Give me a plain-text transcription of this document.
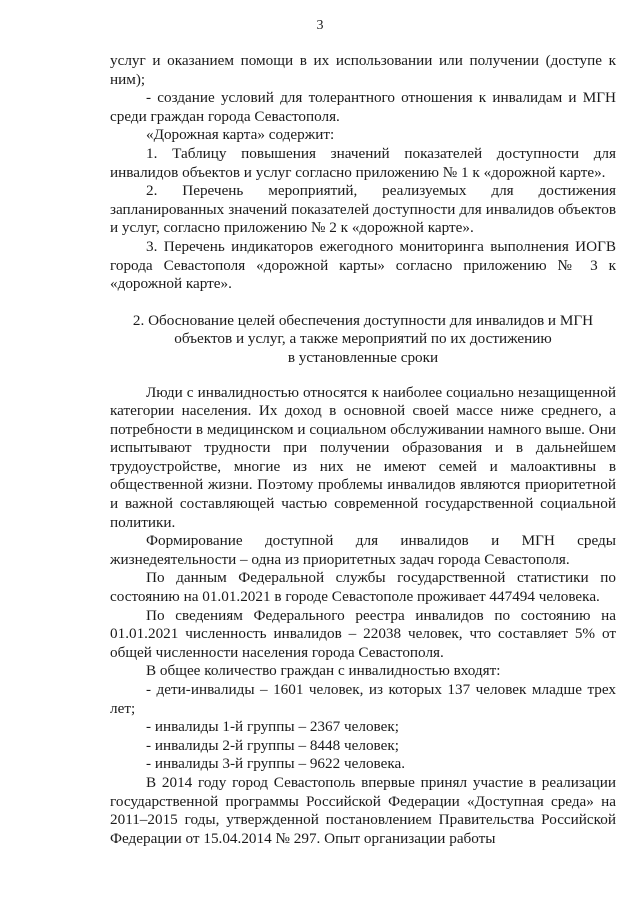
3

услуг и оказанием помощи в их использовании или получении (доступе к ним);

- создание условий для толерантного отношения к инвалидам и МГН среди граждан города Севастополя.

«Дорожная карта» содержит:

1. Таблицу повышения значений показателей доступности для инвалидов объектов и услуг согласно приложению № 1 к «дорожной карте».

2. Перечень мероприятий, реализуемых для достижения запланированных значений показателей доступности для инвалидов объектов и услуг, согласно приложению № 2 к «дорожной карте».

3. Перечень индикаторов ежегодного мониторинга выполнения ИОГВ города Севастополя «дорожной карты» согласно приложению № 3 к «дорожной карте».

2. Обоснование целей обеспечения доступности для инвалидов и МГН
объектов и услуг, а также мероприятий по их достижению
в установленные сроки

Люди с инвалидностью относятся к наиболее социально незащищенной категории населения. Их доход в основной своей массе ниже среднего, а потребности в медицинском и социальном обслуживании намного выше. Они испытывают трудности при получении образования и в дальнейшем трудоустройстве, многие из них не имеют семей и малоактивны в общественной жизни. Поэтому проблемы инвалидов являются приоритетной и важной составляющей частью современной государственной социальной политики.

Формирование доступной для инвалидов и МГН среды жизнедеятельности – одна из приоритетных задач города Севастополя.

По данным Федеральной службы государственной статистики по состоянию на 01.01.2021 в городе Севастополе проживает 447494 человека.

По сведениям Федерального реестра инвалидов по состоянию на 01.01.2021 численность инвалидов – 22038 человек, что составляет 5% от общей численности населения города Севастополя.

В общее количество граждан с инвалидностью входят:

- дети-инвалиды – 1601 человек, из которых 137 человек младше трех лет;

- инвалиды 1-й группы – 2367 человек;

- инвалиды 2-й группы – 8448 человек;

- инвалиды 3-й группы – 9622 человека.

В 2014 году город Севастополь впервые принял участие в реализации государственной программы Российской Федерации «Доступная среда» на 2011–2015 годы, утвержденной постановлением Правительства Российской Федерации от 15.04.2014 № 297. Опыт организации работы
